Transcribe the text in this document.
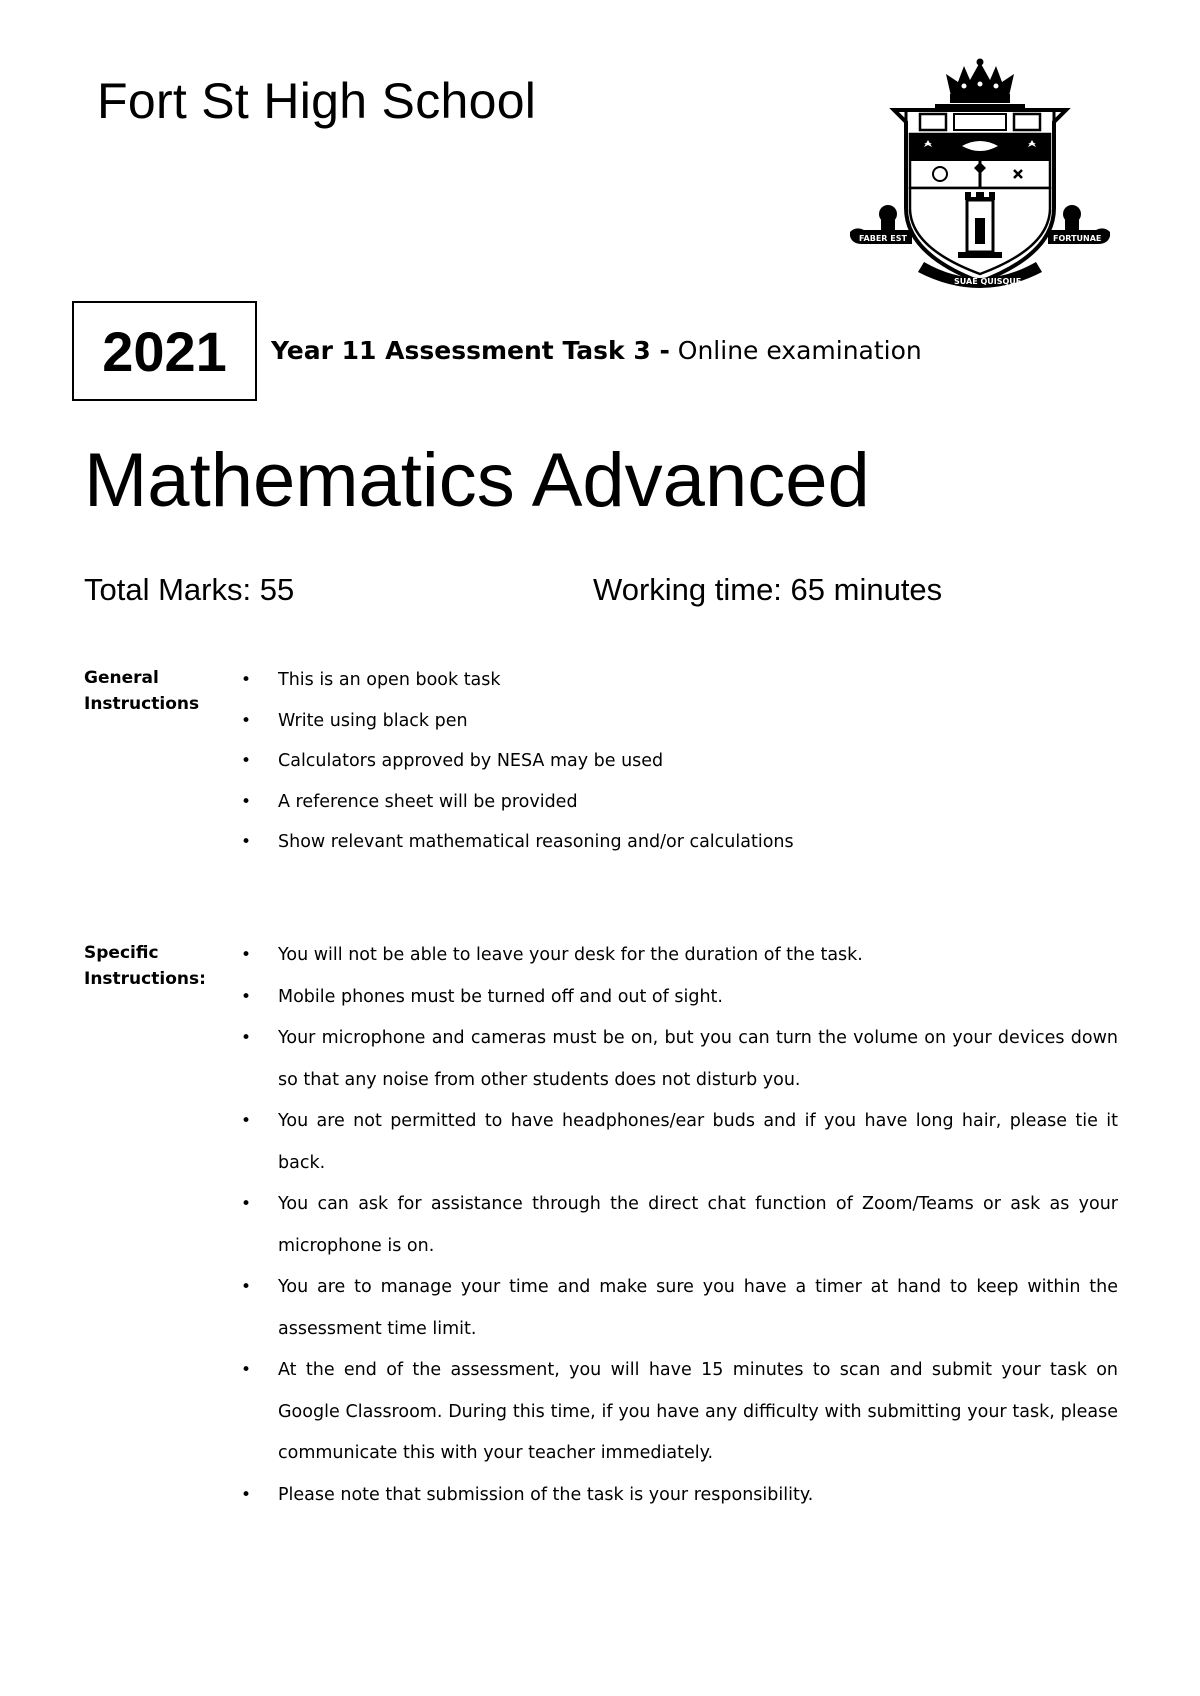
Fort St High School
FABER EST	FORTUNAE
SUAE QUISQUE
2021	Year 11 Assessment Task 3 - Online examination
Mathematics Advanced
Total Marks: 55	Working time: 65 minutes
General
Instructions
• This is an open book task
• Write using black pen
• Calculators approved by NESA may be used
• A reference sheet will be provided
• Show relevant mathematical reasoning and/or calculations
Specific
Instructions:
• You will not be able to leave your desk for the duration of the task.
• Mobile phones must be turned off and out of sight.
• Your microphone and cameras must be on, but you can turn the volume on your devices down so that any noise from other students does not disturb you.
• You are not permitted to have headphones/ear buds and if you have long hair, please tie it back.
• You can ask for assistance through the direct chat function of Zoom/Teams or ask as your microphone is on.
• You are to manage your time and make sure you have a timer at hand to keep within the assessment time limit.
• At the end of the assessment, you will have 15 minutes to scan and submit your task on Google Classroom. During this time, if you have any difficulty with submitting your task, please communicate this with your teacher immediately.
• Please note that submission of the task is your responsibility.
